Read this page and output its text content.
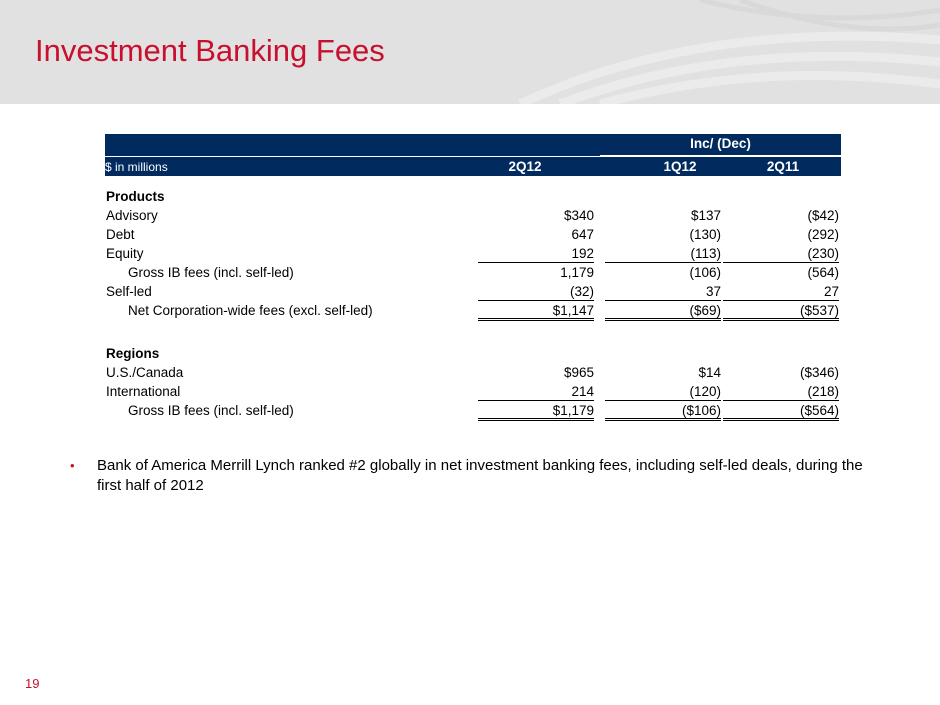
Investment Banking Fees
Inc/ (Dec)
$ in millions	2Q12	1Q12	2Q11
Products
Advisory	$340	$137	($42)
Debt	647	(130)	(292)
Equity	192	(113)	(230)
Gross IB fees (incl. self-led)	1,179	(106)	(564)
Self-led	(32)	37	27
Net Corporation-wide fees (excl. self-led)	$1,147	($69)	($537)
Regions
U.S./Canada	$965	$14	($346)
International	214	(120)	(218)
Gross IB fees (incl. self-led)	$1,179	($106)	($564)
• Bank of America Merrill Lynch ranked #2 globally in net investment banking fees, including self-led deals, during the first half of 2012
19
